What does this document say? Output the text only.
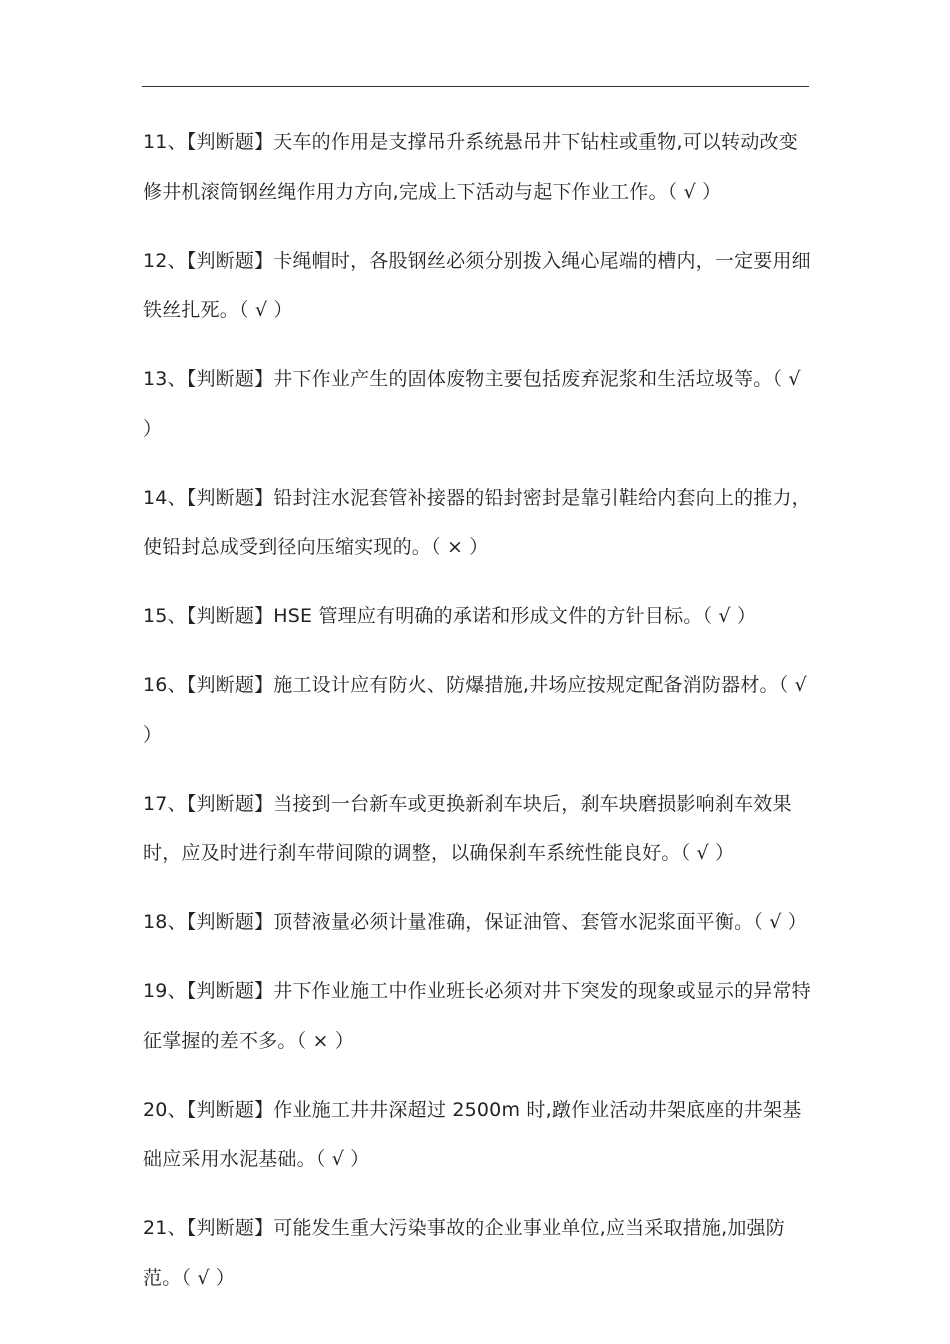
11、【判断题】天车的作用是支撑吊升系统悬吊井下钻柱或重物,可以转动改变修井机滚筒钢丝绳作用力方向,完成上下活动与起下作业工作。（ √ ）
12、【判断题】卡绳帽时，各股钢丝必须分别拨入绳心尾端的槽内，一定要用细铁丝扎死。（ √ ）
13、【判断题】井下作业产生的固体废物主要包括废弃泥浆和生活垃圾等。（ √ ）
14、【判断题】铅封注水泥套管补接器的铅封密封是靠引鞋给内套向上的推力，使铅封总成受到径向压缩实现的。（ × ）
15、【判断题】HSE 管理应有明确的承诺和形成文件的方针目标。（ √ ）
16、【判断题】施工设计应有防火、防爆措施,井场应按规定配备消防器材。（ √ ）
17、【判断题】当接到一台新车或更换新刹车块后，刹车块磨损影响刹车效果时，应及时进行刹车带间隙的调整，以确保刹车系统性能良好。（ √ ）
18、【判断题】顶替液量必须计量准确，保证油管、套管水泥浆面平衡。（ √ ）
19、【判断题】井下作业施工中作业班长必须对井下突发的现象或显示的异常特征掌握的差不多。（ × ）
20、【判断题】作业施工井井深超过 2500m 时,蹾作业活动井架底座的井架基础应采用水泥基础。（ √ ）
21、【判断题】可能发生重大污染事故的企业事业单位,应当采取措施,加强防范。（ √ ）
